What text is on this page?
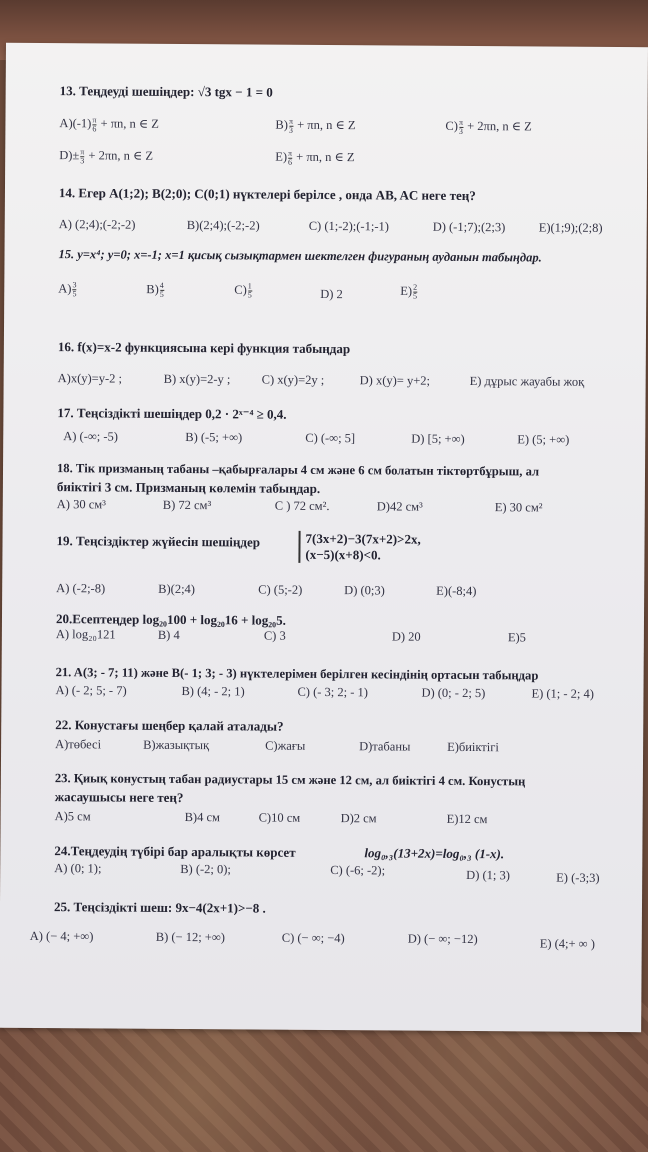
13. Теңдеуді шешіңдер: √3 tgx − 1 = 0
$A)(-1) \frac{\pi}{6} + \pi n$, n ∈ Z	$B) \frac{\pi}{3} + \pi n$, n ∈ Z	$C) \frac{\pi}{3} + 2\pi n$, n ∈ Z
$D)\pm \frac{\pi}{3} + 2\pi n$, n ∈ Z	$E) \frac{\pi}{6} + \pi n$, n ∈ Z
14. Егер А(1;2); В(2;0); С(0;1) нүктелері берілсе , онда AB, AC неге тең?
A) (2;4);(-2;-2)	B)(2;4);(-2;-2)	C) (1;-2);(-1;-1)	D) (-1;7);(2;3)	E)(1;9);(2;8)
15. y=x⁴; y=0; x=-1; x=1 қисық сызықтармен шектелген фигураның ауданын табыңдар.
$A) \frac{3}{5}$	$B) \frac{4}{5}$	$C) \frac{1}{5}$	D) 2	$E) \frac{2}{5}$
16. f(x)=x-2 функциясына кері функция табыңдар
A)x(y)=y-2 ;	B) x(y)=2-y ; C) x(y)=2y ;	D) x(y)= y+2;	E) дұрыс жауабы жоқ
17. Теңсіздікті шешіңдер 0,2 · 2ˣ⁻⁴ ≥ 0,4.
A) (-∞; -5)	B) (-5; +∞)	C) (-∞; 5]	D) [5; +∞)	E) (5; +∞)
18. Тік призманың табаны –қабырғалары 4 см және 6 см болатын тіктөртбұрыш, ал
биіктігі 3 см. Призманың көлемін табыңдар.
A) 30 см³	B) 72 см³	C ) 72 см².	D)42 см³	E) 30 см²
19. Теңсіздіктер жүйесін шешіңдер	7(3x+2)−3(7x+2)>2x,
(x−5)(x+8)<0.
A) (-2;-8)	B)(2;4)	C) (5;-2)	D) (0;3)	E)(-8;4)
20.Есептеңдер log₂₀100 + log₂₀16 + log₂₀5.
A) log₂₀121	B) 4	C) 3	D) 20	E)5
21. A(3; - 7; 11) және B(- 1; 3; - 3) нүктелерімен берілген кесіндінің ортасын табыңдар
A) (- 2; 5; - 7)	B) (4; - 2; 1)	C) (- 3; 2; - 1)	D) (0; - 2; 5)	E) (1; - 2; 4)
22. Конустағы шеңбер қалай аталады?
A)төбесі	B)жазықтық	C)жағы	D)табаны	E)биіктігі
23. Қиық конустың табан радиустары 15 см және 12 см, ал биіктігі 4 см. Конустың
жасаушысы неге тең?
A)5 см	B)4 см	C)10 см	D)2 см	E)12 см
24.Теңдеудің түбірі бар аралықты көрсет	log₀,₃(13+2x)=log₀,₃ (1-x).
A) (0; 1);	B) (-2; 0);	C) (-6; -2);	D) (1; 3)	E) (-3;3)
25. Теңсіздікті шеш: 9x−4(2x+1)>−8 .
A) (− 4; +∞)	B) (− 12; +∞)	C) (− ∞; −4)	D) (− ∞; −12)	E) (4;+ ∞ )
